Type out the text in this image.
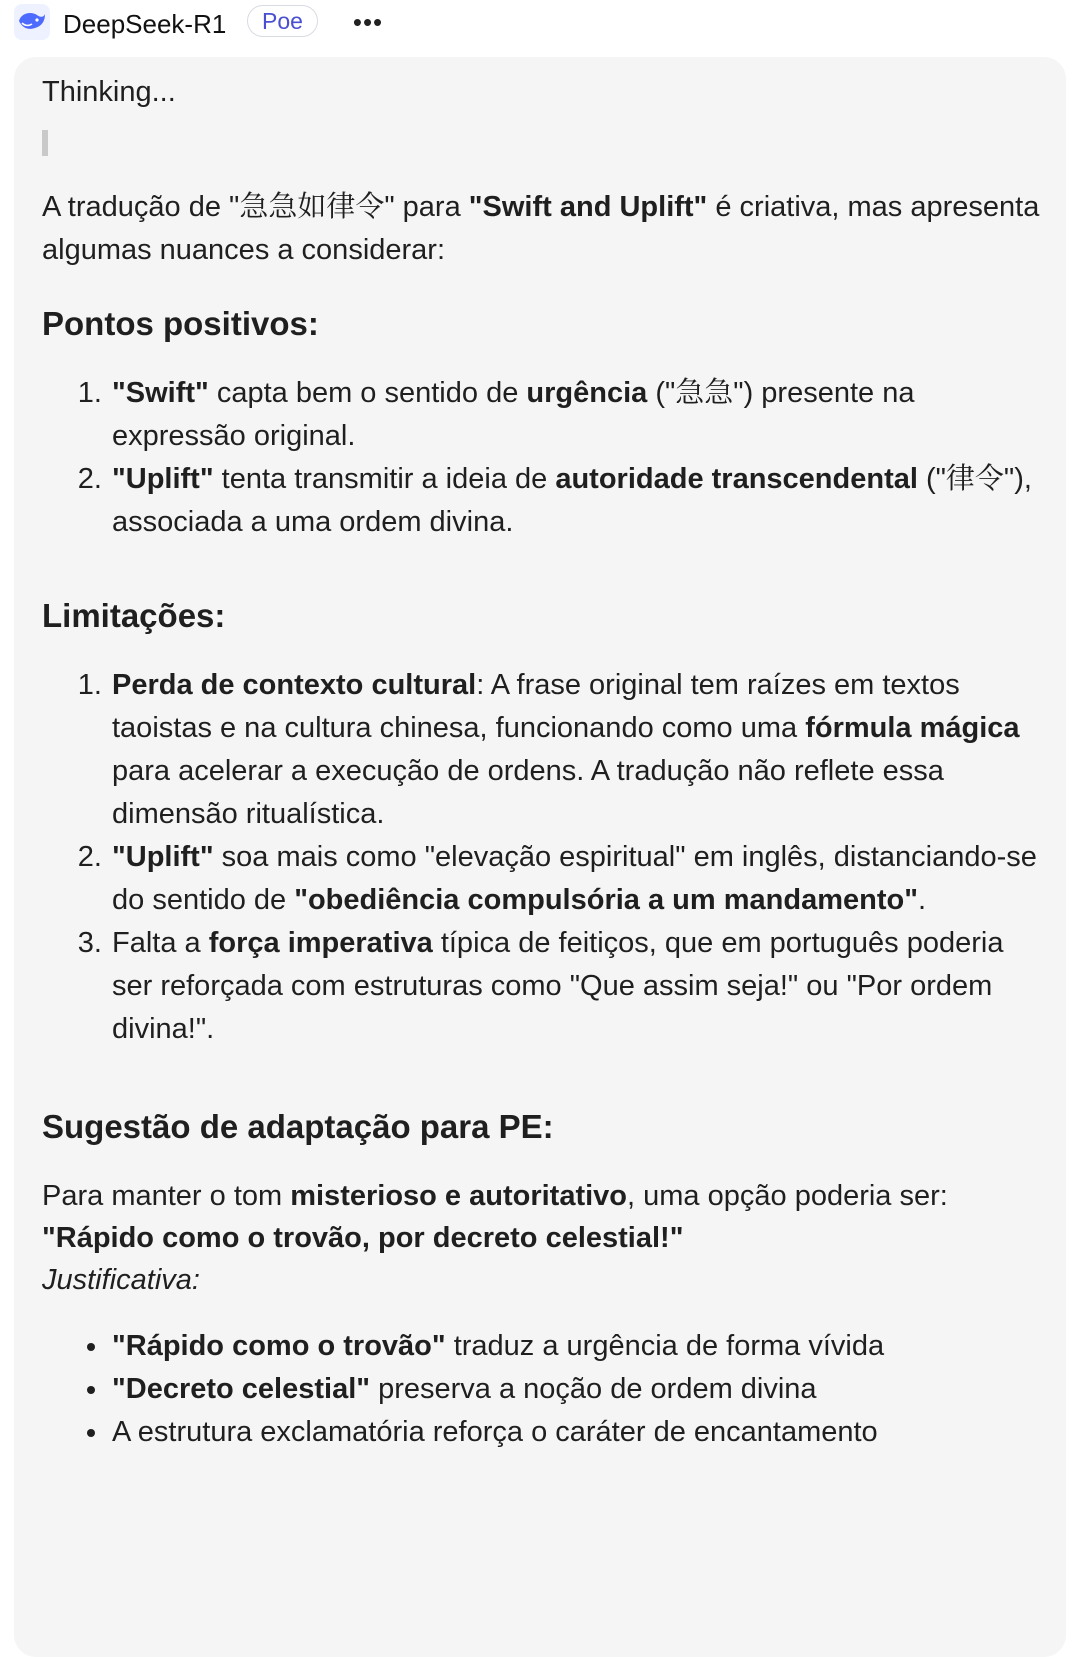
DeepSeek-R1	Poe	•••

Thinking...

A tradução de "急急如律令" para "Swift and Uplift" é criativa, mas apresenta algumas nuances a considerar:

Pontos positivos:
1. "Swift" capta bem o sentido de urgência ("急急") presente na expressão original.
2. "Uplift" tenta transmitir a ideia de autoridade transcendental ("律令"), associada a uma ordem divina.
Limitações:
1. Perda de contexto cultural: A frase original tem raízes em textos taoistas e na cultura chinesa, funcionando como uma fórmula mágica para acelerar a execução de ordens. A tradução não reflete essa dimensão ritualística.
2. "Uplift" soa mais como "elevação espiritual" em inglês, distanciando-se do sentido de "obediência compulsória a um mandamento".
3. Falta a força imperativa típica de feitiços, que em português poderia ser reforçada com estruturas como "Que assim seja!" ou "Por ordem divina!".
Sugestão de adaptação para PE:

Para manter o tom misterioso e autoritativo, uma opção poderia ser:
"Rápido como o trovão, por decreto celestial!"
Justificativa:

• "Rápido como o trovão" traduz a urgência de forma vívida
• "Decreto celestial" preserva a noção de ordem divina
• A estrutura exclamatória reforça o caráter de encantamento
